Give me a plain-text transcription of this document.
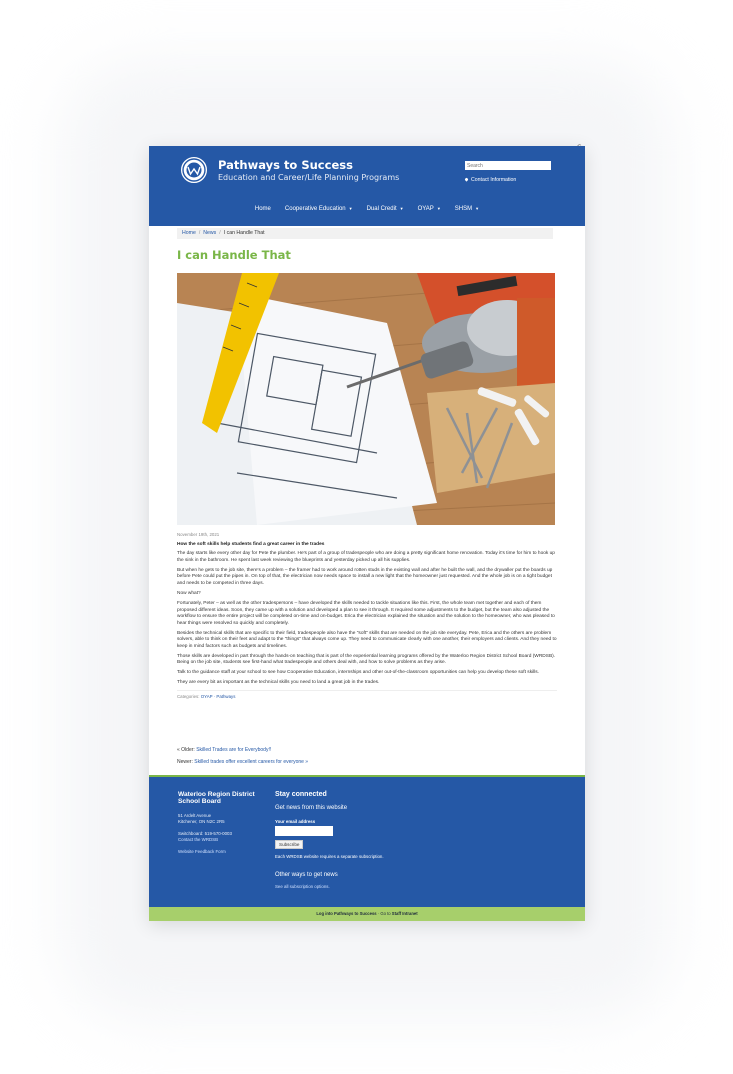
Pathways to Success
Education and Career/Life Planning Programs
Search	Contact Information
Home Cooperative Education ▼ Dual Credit ▼ OYAP ▼ SHSM ▼
Home / News / I can Handle That
I can Handle That
November 19th, 2021
How the soft skills help students find a great career in the trades

The day starts like every other day for Pete the plumber. He's part of a group of tradespeople who are doing a pretty significant home renovation. Today it's time for him to hook up the sink in the bathroom. He spent last week reviewing the blueprints and yesterday picked up all his supplies.

But when he gets to the job site, there's a problem – the framer had to work around rotten studs in the existing wall and after he built the wall, and the drywaller put the boards up before Pete could put the pipes in. On top of that, the electrician now needs space to install a new light that the homeowner just requested. And the whole job is on a tight budget and needs to be competed in three days.

Now what?

Fortunately, Peter – as well as the other tradespersons – have developed the skills needed to tackle situations like this. First, the whole team met together and each of them proposed different ideas. Soon, they came up with a solution and developed a plan to see it through. It required some adjustments to the budget, but the team also adjusted the workflow to ensure the entire project will be completed on-time and on-budget. Erica the electrician explained the situation and the solution to the homeowner, who was pleased to hear things were resolved so quickly and completely.

Besides the technical skills that are specific to their field, tradespeople also have the "soft" skills that are needed on the job site everyday. Pete, Erica and the others are problem solvers, able to think on their feet and adapt to the "things" that always come up. They need to communicate clearly with one another, their employers and clients. And they need to keep in mind factors such as budgets and timelines.

Those skills are developed in part through the hands-on teaching that is part of the experiential learning programs offered by the Waterloo Region District School Board (WRDSB). Being on the job site, students see first-hand what tradespeople and others deal with, and how to solve problems as they arise.

Talk to the guidance staff at your school to see how Cooperative Education, internships and other out-of-the-classroom opportunities can help you develop these soft skills.

They are every bit as important as the technical skills you need to land a great job in the trades.

Categories: OYAP · Pathways
« Older: Skilled Trades are for Everybody!!
Newer: Skilled trades offer excellent careers for everyone »
Waterloo Region District School Board
51 Ardelt Avenue
Kitchener, ON N2C 2R5
Switchboard: 519-570-0003
Contact the WRDSB
Website Feedback Form
Stay connected
Get news from this website
Your email address
Subscribe
Each WRDSB website requires a separate subscription.
Other ways to get news
See all subscription options.
Log into Pathways to Success · Go to Staff Intranet
